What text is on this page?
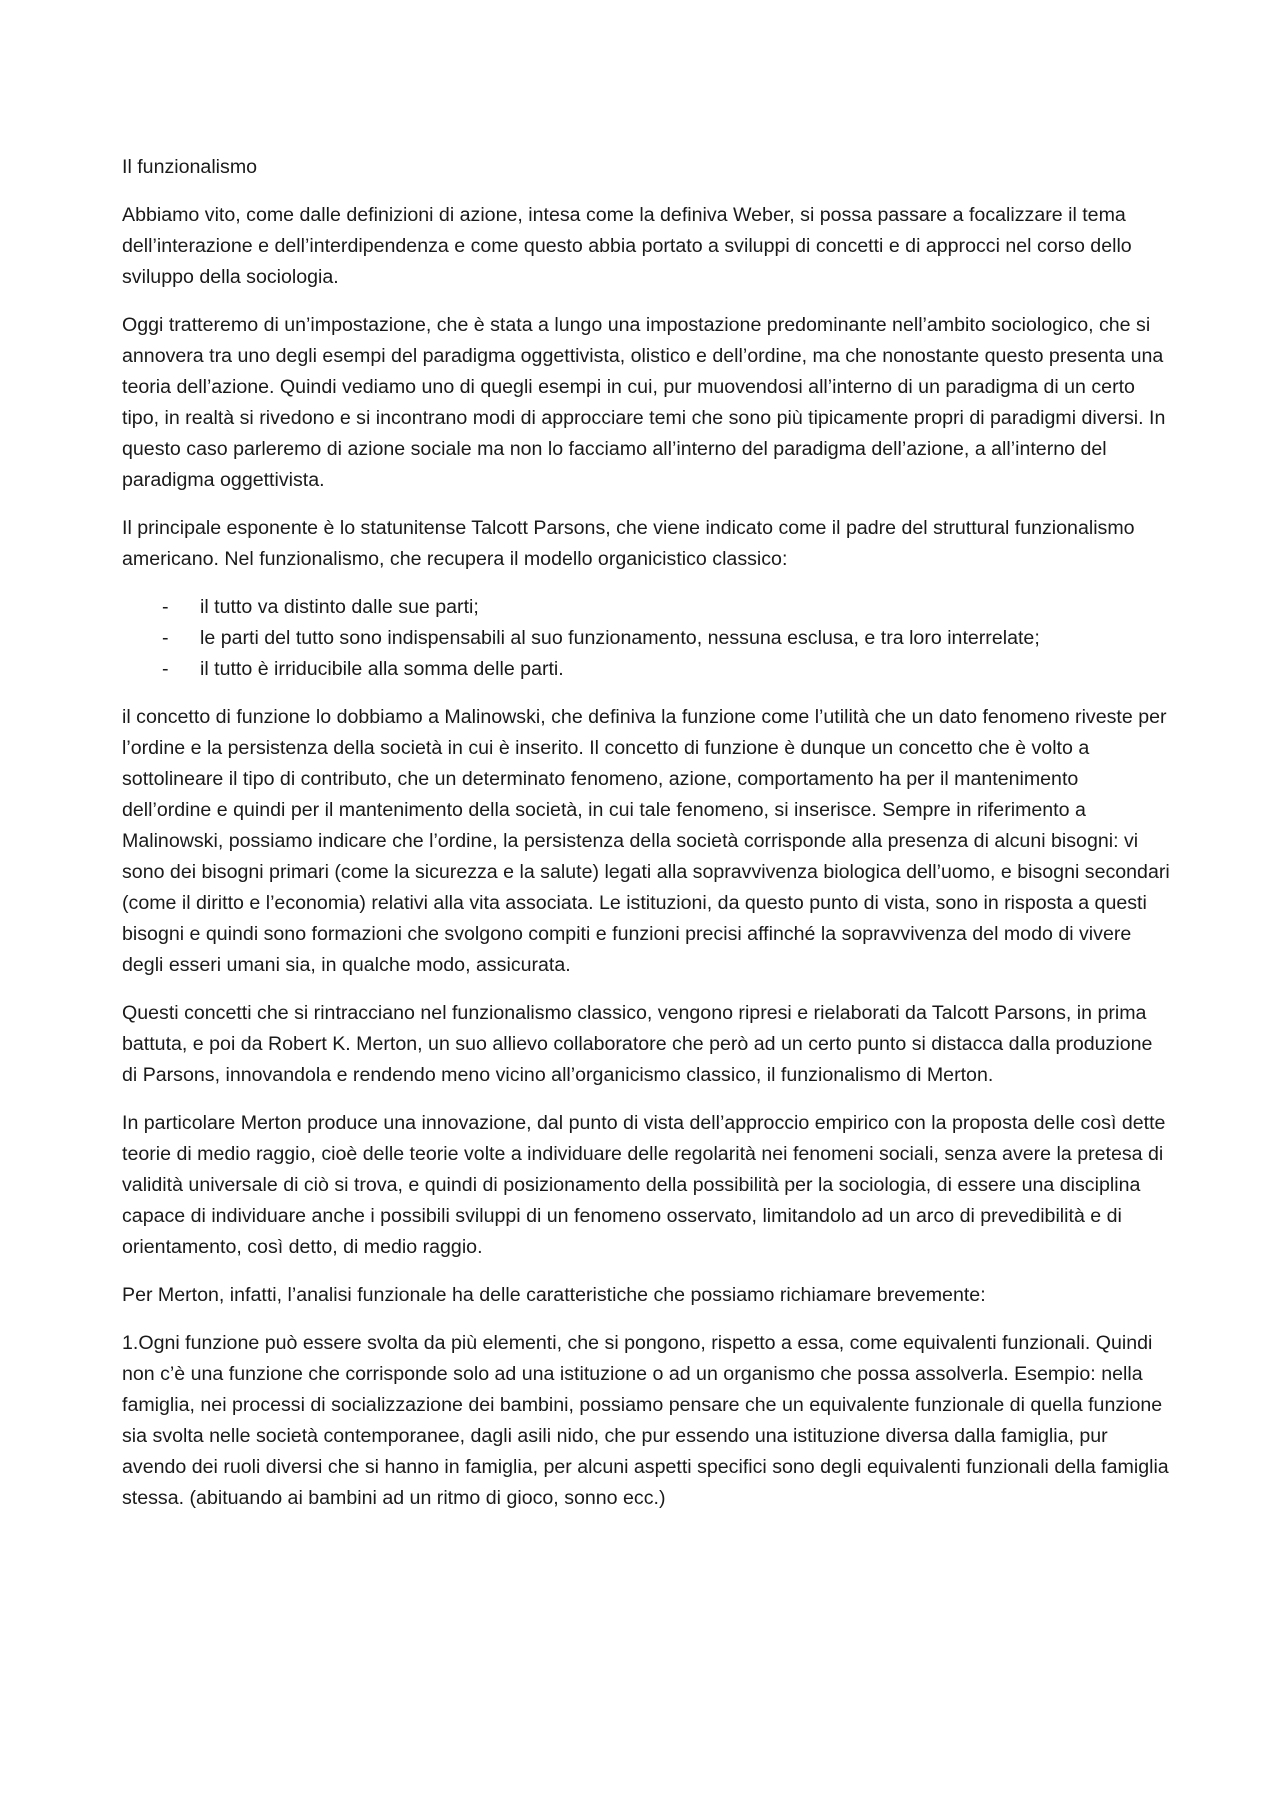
Il funzionalismo

Abbiamo vito, come dalle definizioni di azione, intesa come la definiva Weber, si possa passare a focalizzare il tema dell’interazione e dell’interdipendenza e come questo abbia portato a sviluppi di concetti e di approcci nel corso dello sviluppo della sociologia.

Oggi tratteremo di un’impostazione, che è stata a lungo una impostazione predominante nell’ambito sociologico, che si annovera tra uno degli esempi del paradigma oggettivista, olistico e dell’ordine, ma che nonostante questo presenta una teoria dell’azione. Quindi vediamo uno di quegli esempi in cui, pur muovendosi all’interno di un paradigma di un certo tipo, in realtà si rivedono e si incontrano modi di approcciare temi che sono più tipicamente propri di paradigmi diversi. In questo caso parleremo di azione sociale ma non lo facciamo all’interno del paradigma dell’azione, a all’interno del paradigma oggettivista.

Il principale esponente è lo statunitense Talcott Parsons, che viene indicato come il padre del struttural funzionalismo americano. Nel funzionalismo, che recupera il modello organicistico classico:

- il tutto va distinto dalle sue parti;
- le parti del tutto sono indispensabili al suo funzionamento, nessuna esclusa, e tra loro interrelate;
- il tutto è irriducibile alla somma delle parti.

il concetto di funzione lo dobbiamo a Malinowski, che definiva la funzione come l’utilità che un dato fenomeno riveste per l’ordine e la persistenza della società in cui è inserito. Il concetto di funzione è dunque un concetto che è volto a sottolineare il tipo di contributo, che un determinato fenomeno, azione, comportamento ha per il mantenimento dell’ordine e quindi per il mantenimento della società, in cui tale fenomeno, si inserisce. Sempre in riferimento a Malinowski, possiamo indicare che l’ordine, la persistenza della società corrisponde alla presenza di alcuni bisogni: vi sono dei bisogni primari (come la sicurezza e la salute) legati alla sopravvivenza biologica dell’uomo, e bisogni secondari (come il diritto e l’economia) relativi alla vita associata. Le istituzioni, da questo punto di vista, sono in risposta a questi bisogni e quindi sono formazioni che svolgono compiti e funzioni precisi affinché la sopravvivenza del modo di vivere degli esseri umani sia, in qualche modo, assicurata.

Questi concetti che si rintracciano nel funzionalismo classico, vengono ripresi e rielaborati da Talcott Parsons, in prima battuta, e poi da Robert K. Merton, un suo allievo collaboratore che però ad un certo punto si distacca dalla produzione di Parsons, innovandola e rendendo meno vicino all’organicismo classico, il funzionalismo di Merton.

In particolare Merton produce una innovazione, dal punto di vista dell’approccio empirico con la proposta delle così dette teorie di medio raggio, cioè delle teorie volte a individuare delle regolarità nei fenomeni sociali, senza avere la pretesa di validità universale di ciò si trova, e quindi di posizionamento della possibilità per la sociologia, di essere una disciplina capace di individuare anche i possibili sviluppi di un fenomeno osservato, limitandolo ad un arco di prevedibilità e di orientamento, così detto, di medio raggio.

Per Merton, infatti, l’analisi funzionale ha delle caratteristiche che possiamo richiamare brevemente:

1.Ogni funzione può essere svolta da più elementi, che si pongono, rispetto a essa, come equivalenti funzionali. Quindi non c’è una funzione che corrisponde solo ad una istituzione o ad un organismo che possa assolverla. Esempio: nella famiglia, nei processi di socializzazione dei bambini, possiamo pensare che un equivalente funzionale di quella funzione sia svolta nelle società contemporanee, dagli asili nido, che pur essendo una istituzione diversa dalla famiglia, pur avendo dei ruoli diversi che si hanno in famiglia, per alcuni aspetti specifici sono degli equivalenti funzionali della famiglia stessa. (abituando ai bambini ad un ritmo di gioco, sonno ecc.)
